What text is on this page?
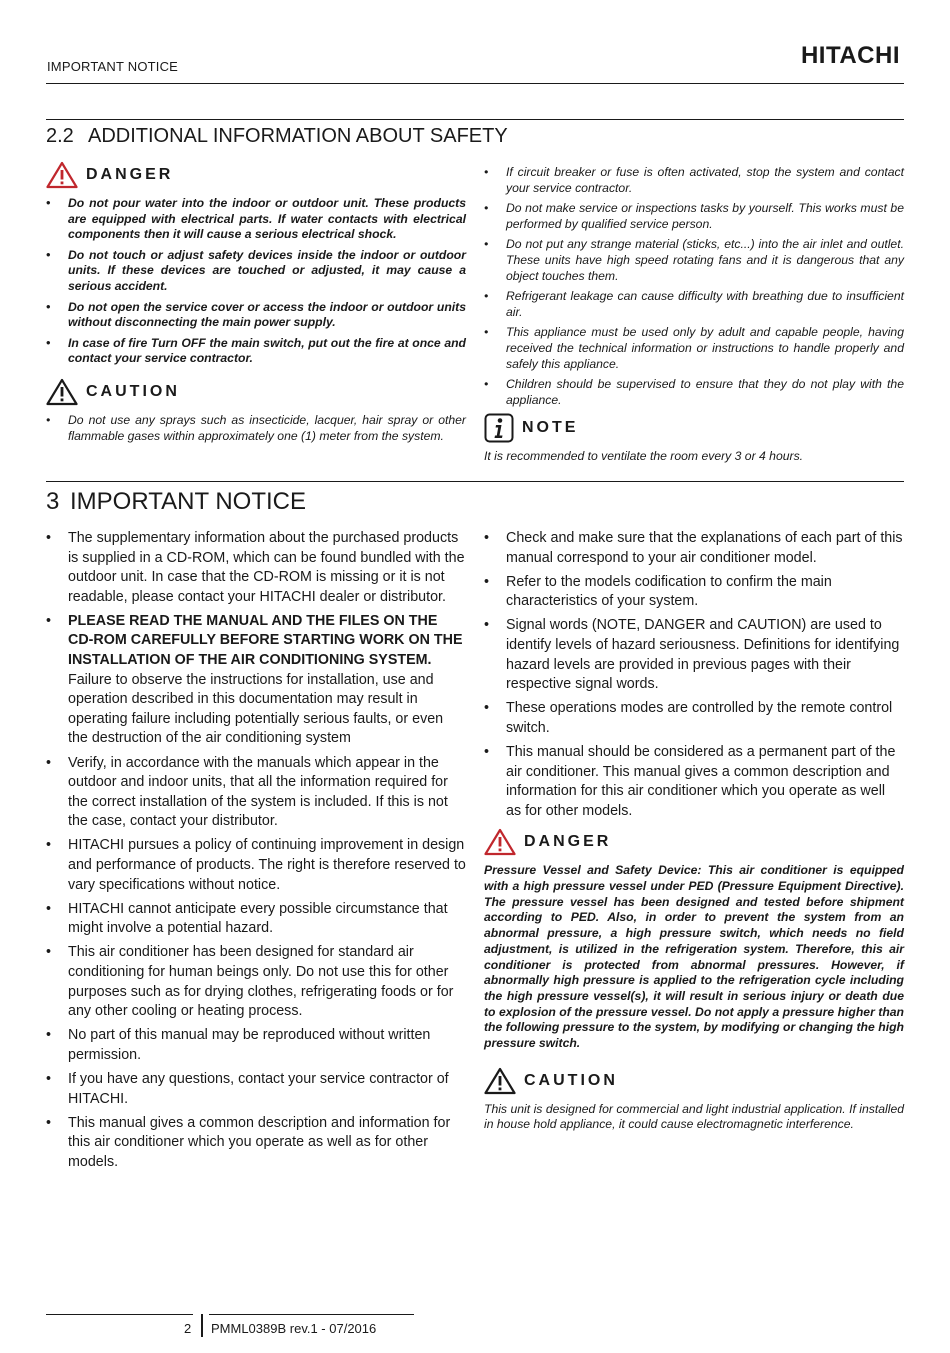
IMPORTANT NOTICE	HITACHI
2.2 ADDITIONAL INFORMATION ABOUT SAFETY
DANGER
• Do not pour water into the indoor or outdoor unit. These products are equipped with electrical parts. If water contacts with electrical components then it will cause a serious electrical shock.
• Do not touch or adjust safety devices inside the indoor or outdoor units. If these devices are touched or adjusted, it may cause a serious accident.
• Do not open the service cover or access the indoor or outdoor units without disconnecting the main power supply.
• In case of fire Turn OFF the main switch, put out the fire at once and contact your service contractor.
CAUTION
• Do not use any sprays such as insecticide, lacquer, hair spray or other flammable gases within approximately one (1) meter from the system.
• If circuit breaker or fuse is often activated, stop the system and contact your service contractor.
• Do not make service or inspections tasks by yourself. This works must be performed by qualified service person.
• Do not put any strange material (sticks, etc...) into the air inlet and outlet. These units have high speed rotating fans and it is dangerous that any object touches them.
• Refrigerant leakage can cause difficulty with breathing due to insufficient air.
• This appliance must be used only by adult and capable people, having received the technical information or instructions to handle properly and safely this appliance.
• Children should be supervised to ensure that they do not play with the appliance.
NOTE

It is recommended to ventilate the room every 3 or 4 hours.

3 IMPORTANT NOTICE
• The supplementary information about the purchased products is supplied in a CD-ROM, which can be found bundled with the outdoor unit. In case that the CD-ROM is missing or it is not readable, please contact your HITACHI dealer or distributor.
• PLEASE READ THE MANUAL AND THE FILES ON THE CD-ROM CAREFULLY BEFORE STARTING WORK ON THE INSTALLATION OF THE AIR CONDITIONING SYSTEM. Failure to observe the instructions for installation, use and operation described in this documentation may result in operating failure including potentially serious faults, or even the destruction of the air conditioning system
• Verify, in accordance with the manuals which appear in the outdoor and indoor units, that all the information required for the correct installation of the system is included. If this is not the case, contact your distributor.
• HITACHI pursues a policy of continuing improvement in design and performance of products. The right is therefore reserved to vary specifications without notice.
• HITACHI cannot anticipate every possible circumstance that might involve a potential hazard.
• This air conditioner has been designed for standard air conditioning for human beings only. Do not use this for other purposes such as for drying clothes, refrigerating foods or for any other cooling or heating process.
• No part of this manual may be reproduced without written permission.
• If you have any questions, contact your service contractor of HITACHI.
• This manual gives a common description and information for this air conditioner which you operate as well as for other models.
• Check and make sure that the explanations of each part of this manual correspond to your air conditioner model.
• Refer to the models codification to confirm the main characteristics of your system.
• Signal words (NOTE, DANGER and CAUTION) are used to identify levels of hazard seriousness. Definitions for identifying hazard levels are provided in previous pages with their respective signal words.
• These operations modes are controlled by the remote control switch.
• This manual should be considered as a permanent part of the air conditioner. This manual gives a common description and information for this air conditioner which you operate as well as for other models.
DANGER

Pressure Vessel and Safety Device: This air conditioner is equipped with a high pressure vessel under PED (Pressure Equipment Directive). The pressure vessel has been designed and tested before shipment according to PED. Also, in order to prevent the system from an abnormal pressure, a high pressure switch, which needs no field adjustment, is utilized in the refrigeration system. Therefore, this air conditioner is protected from abnormal pressures. However, if abnormally high pressure is applied to the refrigeration cycle including the high pressure vessel(s), it will result in serious injury or death due to explosion of the pressure vessel. Do not apply a pressure higher than the following pressure to the system, by modifying or changing the high pressure switch.

CAUTION

This unit is designed for commercial and light industrial application. If installed in house hold appliance, it could cause electromagnetic interference.

2 PMML0389B rev.1 - 07/2016
